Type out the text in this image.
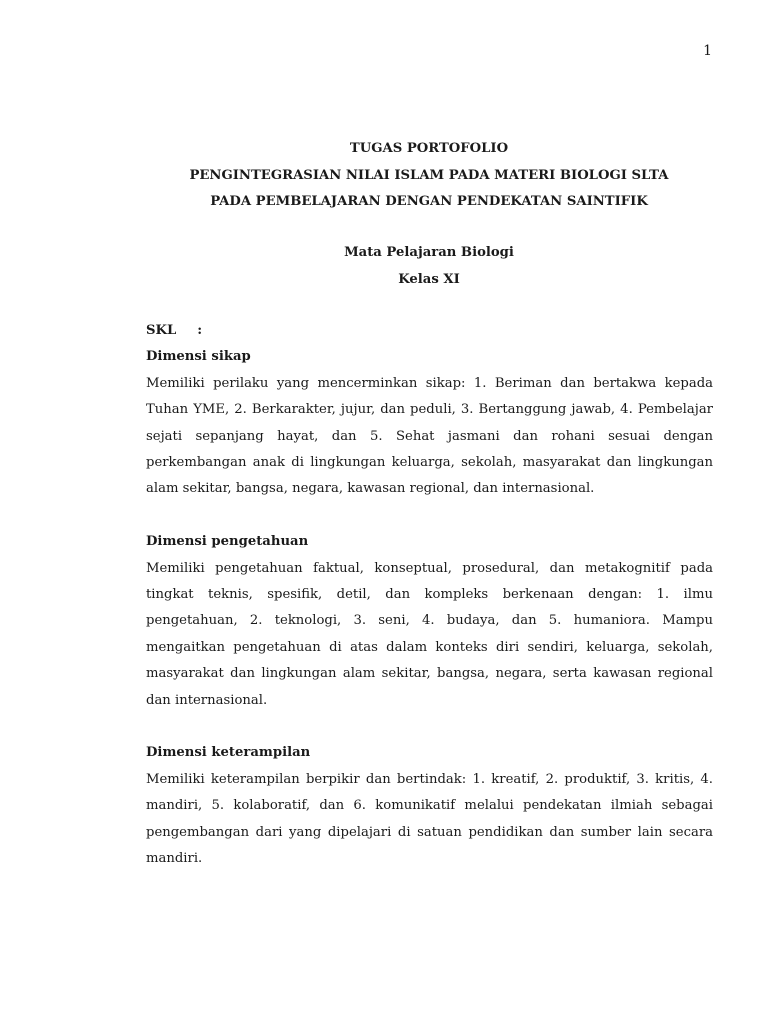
1
TUGAS PORTOFOLIO
PENGINTEGRASIAN NILAI ISLAM PADA MATERI BIOLOGI SLTA
PADA PEMBELAJARAN DENGAN PENDEKATAN SAINTIFIK
Mata Pelajaran Biologi
Kelas XI
SKL :
Dimensi sikap

Memiliki perilaku yang mencerminkan sikap: 1. Beriman dan bertakwa kepada Tuhan YME, 2. Berkarakter, jujur, dan peduli, 3. Bertanggung jawab, 4. Pembelajar sejati sepanjang hayat, dan 5. Sehat jasmani dan rohani sesuai dengan perkembangan anak di lingkungan keluarga, sekolah, masyarakat dan lingkungan alam sekitar, bangsa, negara, kawasan regional, dan internasional.

Dimensi pengetahuan

Memiliki pengetahuan faktual, konseptual, prosedural, dan metakognitif pada tingkat teknis, spesifik, detil, dan kompleks berkenaan dengan: 1. ilmu pengetahuan, 2. teknologi, 3. seni, 4. budaya, dan 5. humaniora. Mampu mengaitkan pengetahuan di atas dalam konteks diri sendiri, keluarga, sekolah, masyarakat dan lingkungan alam sekitar, bangsa, negara, serta kawasan regional dan internasional.

Dimensi keterampilan

Memiliki keterampilan berpikir dan bertindak: 1. kreatif, 2. produktif, 3. kritis, 4. mandiri, 5. kolaboratif, dan 6. komunikatif melalui pendekatan ilmiah sebagai pengembangan dari yang dipelajari di satuan pendidikan dan sumber lain secara mandiri.
